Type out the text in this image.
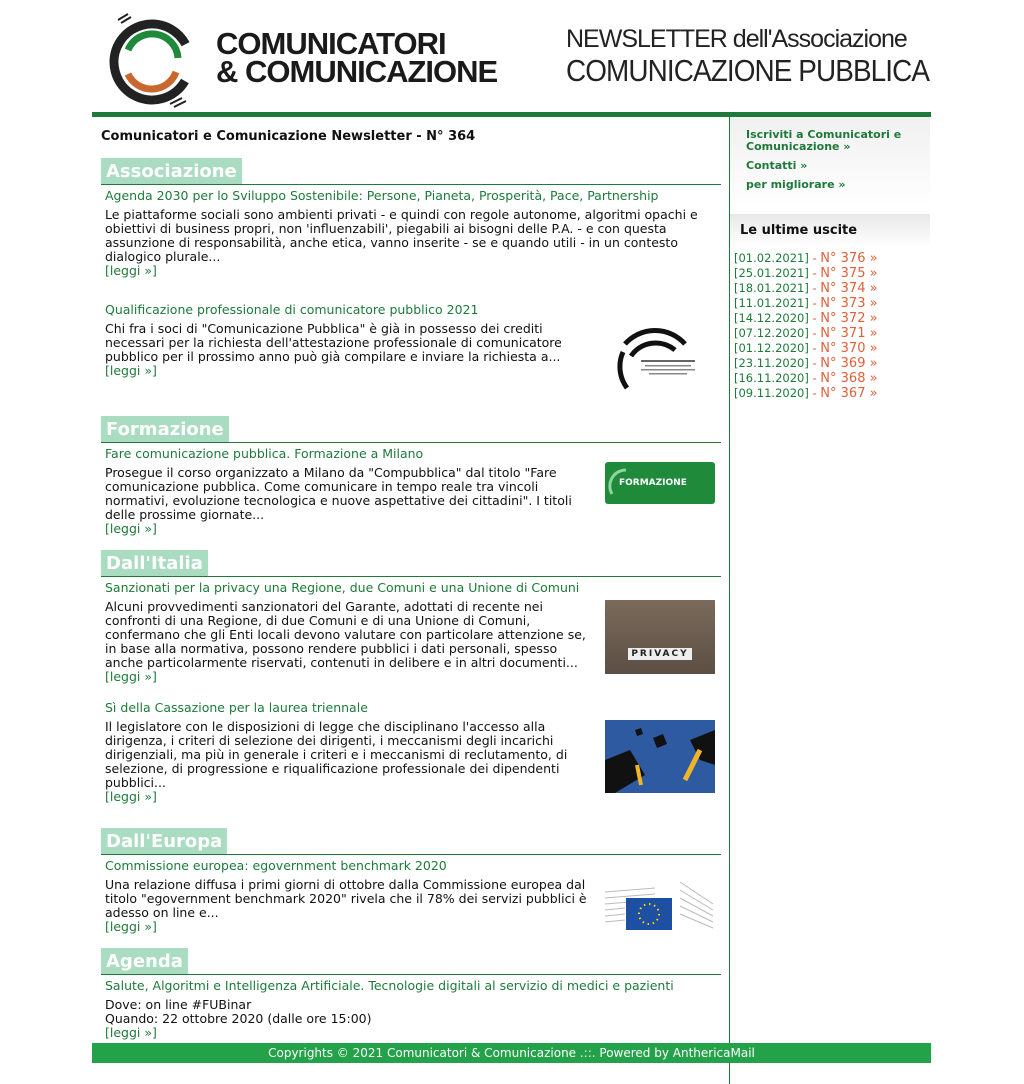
COMUNICATORI
& COMUNICAZIONE
NEWSLETTER dell'Associazione
COMUNICAZIONE PUBBLICA
Comunicatori e Comunicazione Newsletter - N° 364
Associazione
Agenda 2030 per lo Sviluppo Sostenibile: Persone, Pianeta, Prosperità, Pace, Partnership
Le piattaforme sociali sono ambienti privati - e quindi con regole autonome, algoritmi opachi e obiettivi di business propri, non 'influenzabili', piegabili ai bisogni delle P.A. - e con questa assunzione di responsabilità, anche etica, vanno inserite - se e quando utili - in un contesto dialogico plurale...
[leggi »]
Qualificazione professionale di comunicatore pubblico 2021
Chi fra i soci di "Comunicazione Pubblica" è già in possesso dei crediti necessari per la richiesta dell'attestazione professionale di comunicatore pubblico per il prossimo anno può già compilare e inviare la richiesta a...
[leggi »]
Formazione
Fare comunicazione pubblica. Formazione a Milano
Prosegue il corso organizzato a Milano da "Compubblica" dal titolo "Fare comunicazione pubblica. Come comunicare in tempo reale tra vincoli normativi, evoluzione tecnologica e nuove aspettative dei cittadini". I titoli delle prossime giornate...
[leggi »]
FORMAZIONE
Dall'Italia
Sanzionati per la privacy una Regione, due Comuni e una Unione di Comuni
Alcuni provvedimenti sanzionatori del Garante, adottati di recente nei confronti di una Regione, di due Comuni e di una Unione di Comuni, confermano che gli Enti locali devono valutare con particolare attenzione se, in base alla normativa, possono rendere pubblici i dati personali, spesso anche particolarmente riservati, contenuti in delibere e in altri documenti...
[leggi »]
PRIVACY
Sì della Cassazione per la laurea triennale
Il legislatore con le disposizioni di legge che disciplinano l'accesso alla dirigenza, i criteri di selezione dei dirigenti, i meccanismi degli incarichi dirigenziali, ma più in generale i criteri e i meccanismi di reclutamento, di selezione, di progressione e riqualificazione professionale dei dipendenti pubblici...
[leggi »]
Dall'Europa
Commissione europea: egovernment benchmark 2020
Una relazione diffusa i primi giorni di ottobre dalla Commissione europea dal titolo "egovernment benchmark 2020" rivela che il 78% dei servizi pubblici è adesso on line e...
[leggi »]
Agenda
Salute, Algoritmi e Intelligenza Artificiale. Tecnologie digitali al servizio di medici e pazienti
Dove: on line #FUBinar
Quando: 22 ottobre 2020 (dalle ore 15:00)
[leggi »]
Iscriviti a Comunicatori e  Comunicazione »
Contatti »
per migliorare »
Le ultime uscite
[01.02.2021] - N° 376 »
[25.01.2021] - N° 375 »
[18.01.2021] - N° 374 »
[11.01.2021] - N° 373 »
[14.12.2020] - N° 372 »
[07.12.2020] - N° 371 »
[01.12.2020] - N° 370 »
[23.11.2020] - N° 369 »
[16.11.2020] - N° 368 »
[09.11.2020] - N° 367 »
Copyrights © 2021 Comunicatori & Comunicazione .::. Powered by AnthericaMail
